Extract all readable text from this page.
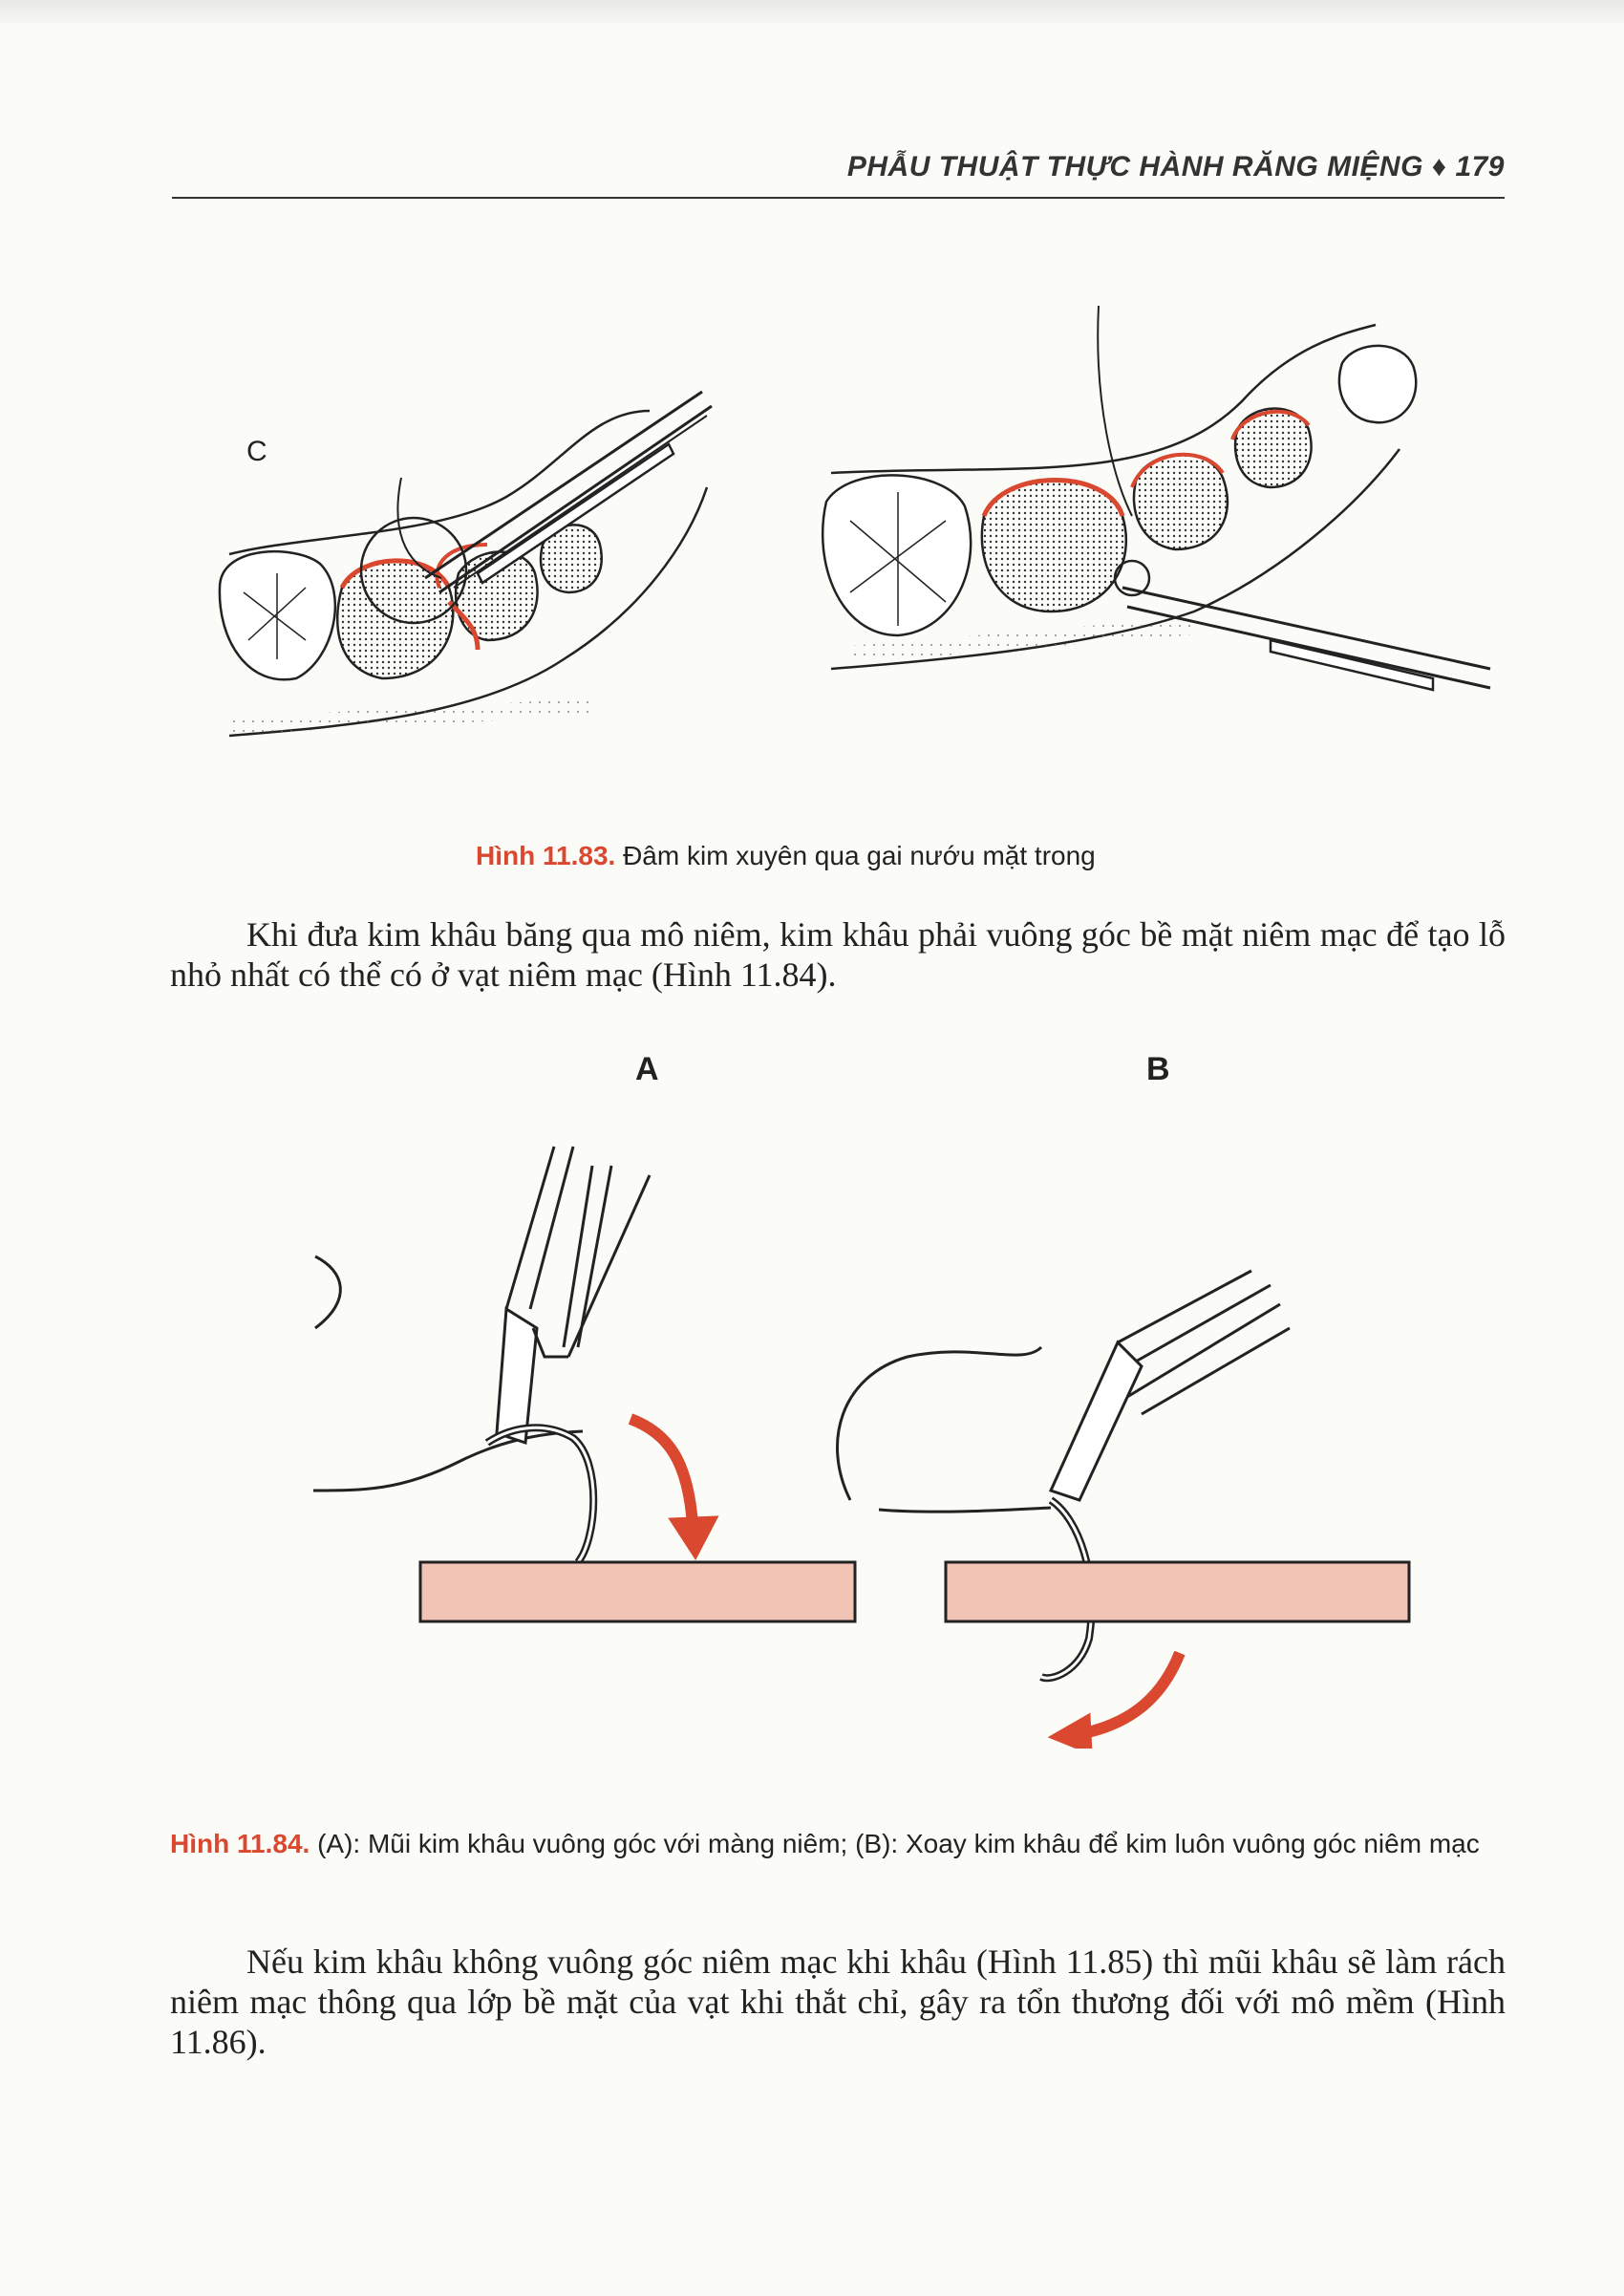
PHẪU THUẬT THỰC HÀNH RĂNG MIỆNG ♦ 179
C
Hình 11.83. Đâm kim xuyên qua gai nướu mặt trong
Khi đưa kim khâu băng qua mô niêm, kim khâu phải vuông góc bề mặt niêm mạc để tạo lỗ nhỏ nhất có thể có ở vạt niêm mạc (Hình 11.84).
A	B
Hình 11.84. (A): Mũi kim khâu vuông góc với màng niêm; (B): Xoay kim khâu để kim luôn vuông góc niêm mạc
Nếu kim khâu không vuông góc niêm mạc khi khâu (Hình 11.85) thì mũi khâu sẽ làm rách niêm mạc thông qua lớp bề mặt của vạt khi thắt chỉ, gây ra tổn thương đối với mô mềm (Hình 11.86).
